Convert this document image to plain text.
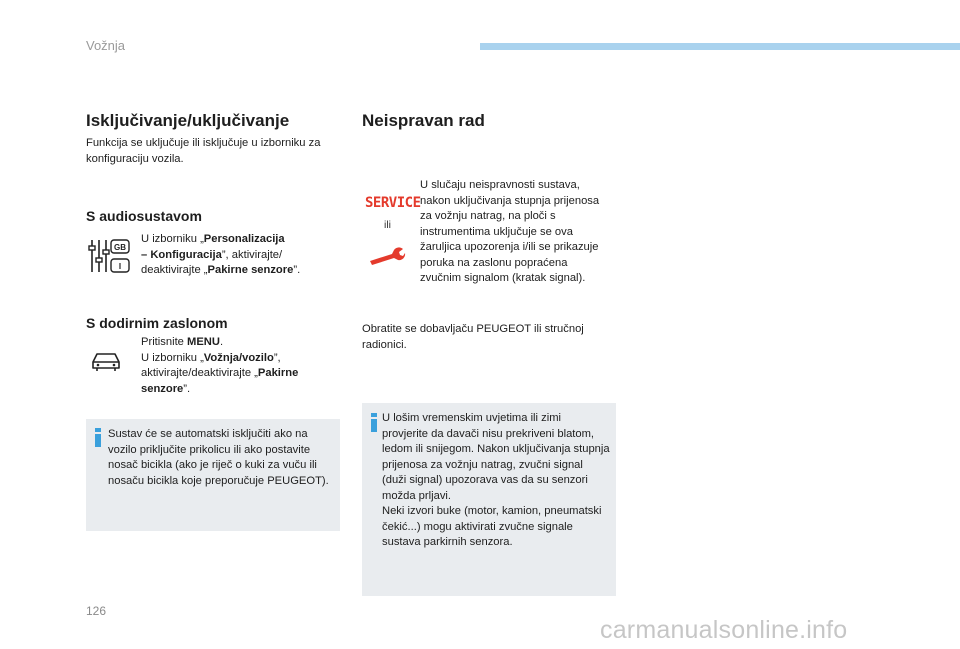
Vožnja
Isključivanje/uključivanje
Funkcija se uključuje ili isključuje u izborniku za konfiguraciju vozila.
S audiosustavom
GB
I
U izborniku „Personalizacija
– Konfiguracija”, aktivirajte/
deaktivirajte „Pakirne senzore”.
S dodirnim zaslonom
Pritisnite MENU.
U izborniku „Vožnja/vozilo”,
aktivirajte/deaktivirajte „Pakirne
senzore”.
Sustav će se automatski isključiti ako na vozilo priključite prikolicu ili ako postavite nosač bicikla (ako je riječ o kuki za vuču ili nosaču bicikla koje preporučuje PEUGEOT).
Neispravan rad
SERVICE
ili
U slučaju neispravnosti sustava, nakon uključivanja stupnja prijenosa za vožnju natrag, na ploči s instrumentima uključuje se ova žaruljica upozorenja i/ili se prikazuje poruka na zaslonu popraćena zvučnim signalom (kratak signal).
Obratite se dobavljaču PEUGEOT ili stručnoj radionici.
U lošim vremenskim uvjetima ili zimi provjerite da davači nisu prekriveni blatom, ledom ili snijegom. Nakon uključivanja stupnja prijenosa za vožnju natrag, zvučni signal (duži signal) upozorava vas da su senzori možda prljavi.
Neki izvori buke (motor, kamion, pneumatski čekić...) mogu aktivirati zvučne signale sustava parkirnih senzora.
126
carmanualsonline.info
